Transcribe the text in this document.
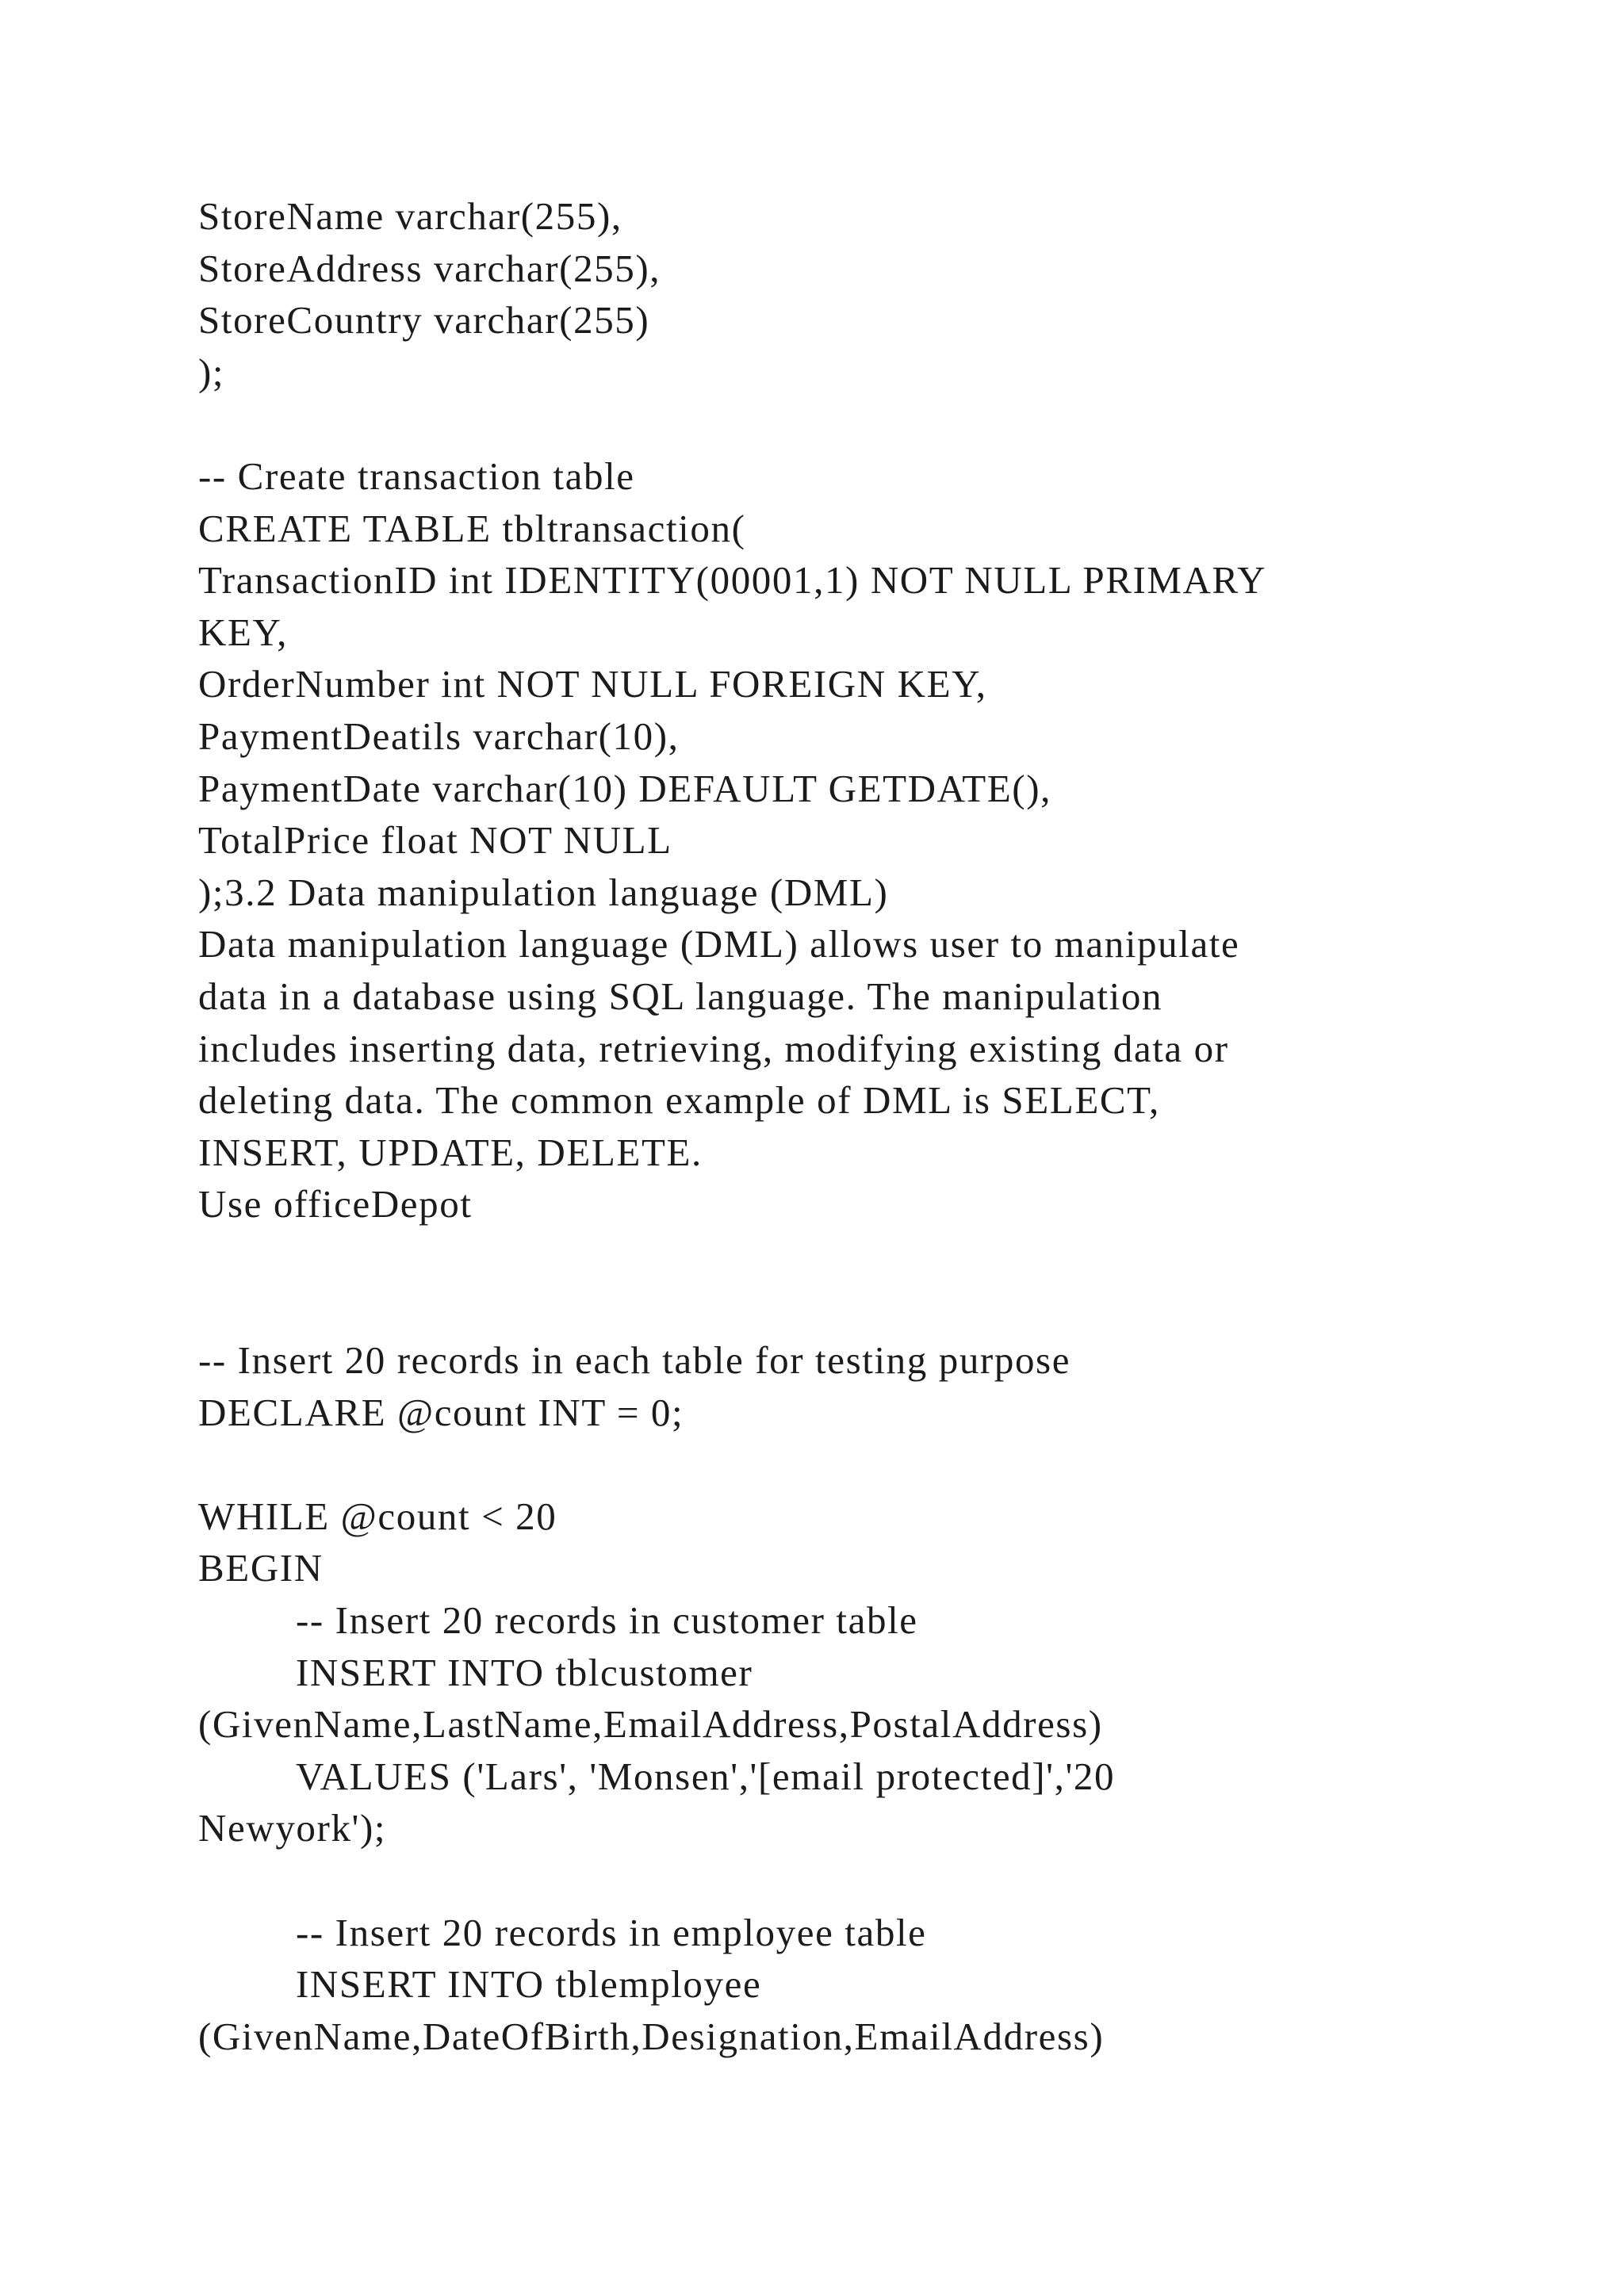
StoreName varchar(255),
StoreAddress varchar(255),
StoreCountry varchar(255)
);
-- Create transaction table
CREATE TABLE tbltransaction(
TransactionID int IDENTITY(00001,1) NOT NULL PRIMARY
KEY,
OrderNumber int NOT NULL FOREIGN KEY,
PaymentDeatils varchar(10),
PaymentDate varchar(10) DEFAULT GETDATE(),
TotalPrice float NOT NULL
);3.2 Data manipulation language (DML)
Data manipulation language (DML) allows user to manipulate
data in a database using SQL language. The manipulation
includes inserting data, retrieving, modifying existing data or
deleting data. The common example of DML is SELECT,
INSERT, UPDATE, DELETE.
Use officeDepot
-- Insert 20 records in each table for testing purpose
DECLARE @count INT = 0;
WHILE @count < 20
BEGIN
-- Insert 20 records in customer table
INSERT INTO tblcustomer
(GivenName,LastName,EmailAddress,PostalAddress)
VALUES ('Lars', 'Monsen','[email protected]','20
Newyork');
-- Insert 20 records in employee table
INSERT INTO tblemployee
(GivenName,DateOfBirth,Designation,EmailAddress)
